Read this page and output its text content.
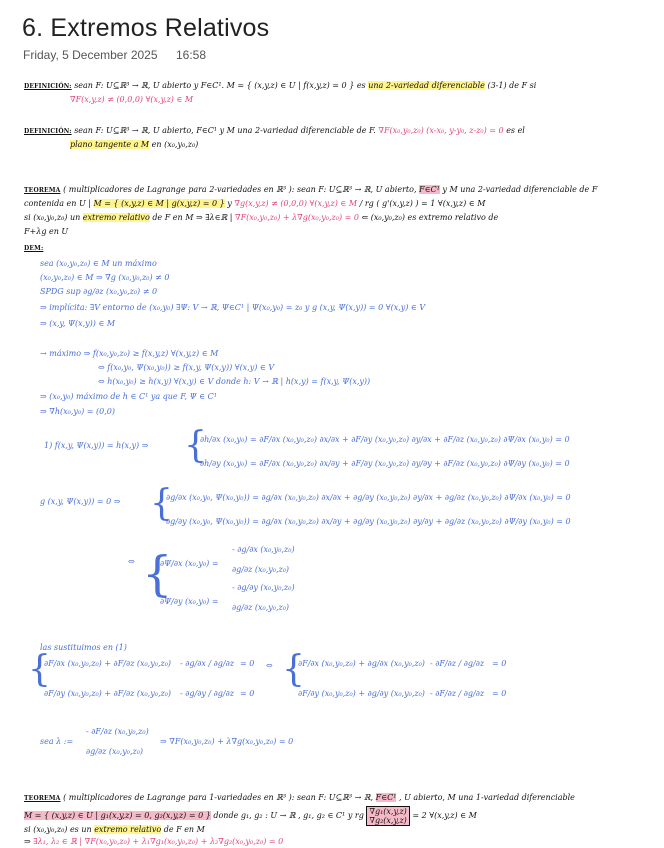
6. Extremos Relativos
Friday, 5 December 2025 16:58
DEFINICIÓN: sean F: U⊆ℝ³ → ℝ, U abierto y F∈C¹. M = { (x,y,z) ∈ U | f(x,y,z) = 0 } es una 2-variedad diferenciable (3-1) de F si
∇F(x,y,z) ≠ (0,0,0) ∀(x,y,z) ∈ M
DEFINICIÓN: sean F: U⊆ℝ³ → ℝ, U abierto, F∈C¹ y M una 2-variedad diferenciable de F. ∇F(x₀,y₀,z₀) (x-x₀, y-y₀, z-z₀) = 0 es el
plano tangente a M en (x₀,y₀,z₀)
TEOREMA ( multiplicadores de Lagrange para 2-variedades en ℝ³ ): sean F: U⊆ℝ³ → ℝ, U abierto, F∈C¹ y M una 2-variedad diferenciable de F
contenida en U | M = { (x,y,z) ∈ M | g(x,y,z) = 0 } y ∇g(x,y,z) ≠ (0,0,0) ∀(x,y,z) ∈ M / rg ( g'(x,y,z) ) = 1 ∀(x,y,z) ∈ M
si (x₀,y₀,z₀) un extremo relativo de F en M ⇒ ∃λ∈ℝ | ∇F(x₀,y₀,z₀) + λ∇g(x₀,y₀,z₀) = 0 ⇐ (x₀,y₀,z₀) es extremo relativo de
F+λg en U
DEM:
sea (x₀,y₀,z₀) ∈ M un máximo
(x₀,y₀,z₀) ∈ M ⇒ ∇g (x₀,y₀,z₀) ≠ 0
SPDG sup ∂g/∂z (x₀,y₀,z₀) ≠ 0
⇒ implícita: ∃V entorno de (x₀,y₀) ∃Ψ: V → ℝ, Ψ∈C¹ | Ψ(x₀,y₀) = z₀ y g (x,y, Ψ(x,y)) = 0 ∀(x,y) ∈ V
⇒ (x,y, Ψ(x,y)) ∈ M
→ máximo ⇒ f(x₀,y₀,z₀) ≥ f(x,y,z) ∀(x,y,z) ∈ M
⇔ f(x₀,y₀, Ψ(x₀,y₀)) ≥ f(x,y, Ψ(x,y)) ∀(x,y) ∈ V
⇔ h(x₀,y₀) ≥ h(x,y) ∀(x,y) ∈ V donde h: V → ℝ | h(x,y) = f(x,y, Ψ(x,y))
⇒ (x₀,y₀) máximo de h ∈ C¹ ya que F, Ψ ∈ C¹
⇒ ∇h(x₀,y₀) = (0,0)
1) f(x,y, Ψ(x,y)) = h(x,y) ⇒ {
∂h/∂x (x₀,y₀) = ∂F/∂x (x₀,y₀,z₀) ∂x/∂x + ∂F/∂y (x₀,y₀,z₀) ∂y/∂x + ∂F/∂z (x₀,y₀,z₀) ∂Ψ/∂x (x₀,y₀) = 0
∂h/∂y (x₀,y₀) = ∂F/∂x (x₀,y₀,z₀) ∂x/∂y + ∂F/∂y (x₀,y₀,z₀) ∂y/∂y + ∂F/∂z (x₀,y₀,z₀) ∂Ψ/∂y (x₀,y₀) = 0
g (x,y, Ψ(x,y)) = 0 ⇒ {
∂g/∂x (x₀,y₀, Ψ(x₀,y₀)) = ∂g/∂x (x₀,y₀,z₀) ∂x/∂x + ∂g/∂y (x₀,y₀,z₀) ∂y/∂x + ∂g/∂z (x₀,y₀,z₀) ∂Ψ/∂x (x₀,y₀) = 0
∂g/∂y (x₀,y₀, Ψ(x₀,y₀)) = ∂g/∂x (x₀,y₀,z₀) ∂x/∂y + ∂g/∂y (x₀,y₀,z₀) ∂y/∂y + ∂g/∂z (x₀,y₀,z₀) ∂Ψ/∂y (x₀,y₀) = 0
⇔ {
∂Ψ/∂x (x₀,y₀) =
- ∂g/∂x (x₀,y₀,z₀)
∂g/∂z (x₀,y₀,z₀)
∂Ψ/∂y (x₀,y₀) =
- ∂g/∂y (x₀,y₀,z₀)
∂g/∂z (x₀,y₀,z₀)
las sustituimos en (1)
{
∂F/∂x (x₀,y₀,z₀) + ∂F/∂z (x₀,y₀,z₀) - ∂g/∂x / ∂g/∂z = 0
∂F/∂y (x₀,y₀,z₀) + ∂F/∂z (x₀,y₀,z₀) - ∂g/∂y / ∂g/∂z = 0
⇔ {
∂F/∂x (x₀,y₀,z₀) + ∂g/∂x (x₀,y₀,z₀) - ∂F/∂z / ∂g/∂z = 0
∂F/∂y (x₀,y₀,z₀) + ∂g/∂y (x₀,y₀,z₀) - ∂F/∂z / ∂g/∂z = 0
sea λ :=
- ∂F/∂z (x₀,y₀,z₀)
∂g/∂z (x₀,y₀,z₀)
⇒ ∇F(x₀,y₀,z₀) + λ∇g(x₀,y₀,z₀) = 0
TEOREMA ( multiplicadores de Lagrange para 1-variedades en ℝ³ ): sean F: U⊆ℝ³ → ℝ, F∈C¹ , U abierto, M una 1-variedad diferenciable
M = { (x,y,z) ∈ U | g₁(x,y,z) = 0, g₂(x,y,z) = 0 } donde g₁, g₂ : U → ℝ , g₁, g₂ ∈ C¹ y rg ∇g₁(x,y,z)
∇g₂(x,y,z)
= 2 ∀(x,y,z) ∈ M
si (x₀,y₀,z₀) es un extremo relativo de F en M
⇒ ∃λ₁, λ₂ ∈ ℝ | ∇F(x₀,y₀,z₀) + λ₁∇g₁(x₀,y₀,z₀) + λ₂∇g₂(x₀,y₀,z₀) = 0
